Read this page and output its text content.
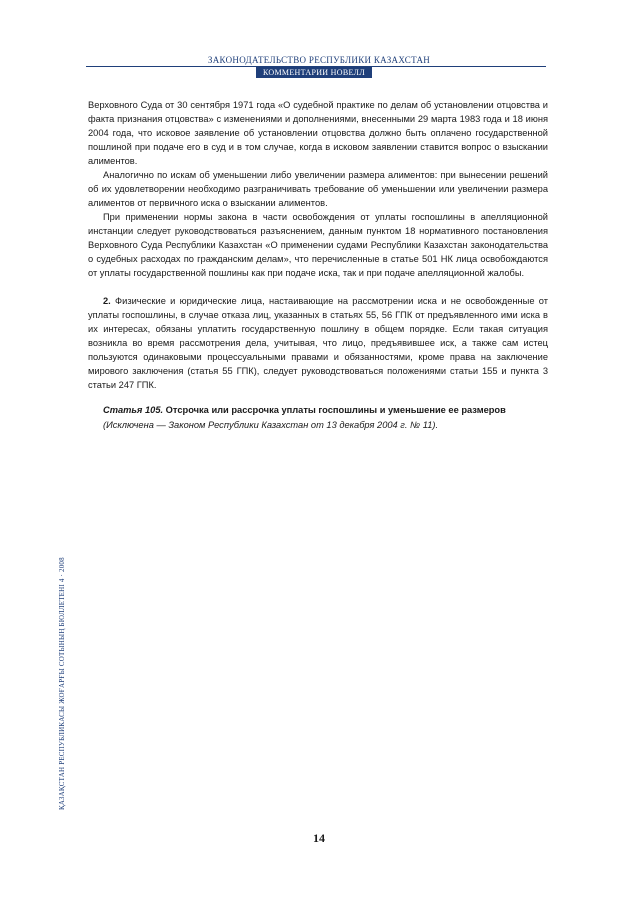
ЗАКОНОДАТЕЛЬСТВО РЕСПУБЛИКИ КАЗАХСТАН
КОММЕНТАРИИ НОВЕЛЛ

Верховного Суда от 30 сентября 1971 года «О судебной практике по делам об установлении отцовства и факта признания отцовства» с изменениями и дополнениями, внесенными 29 марта 1983 года и 18 июня 2004 года, что исковое заявление об установлении отцовства должно быть оплачено государственной пошлиной при подаче его в суд и в том случае, когда в исковом заявлении ставится вопрос о взыскании алиментов.

Аналогично по искам об уменьшении либо увеличении размера алиментов: при вынесении решений об их удовлетворении необходимо разграничивать требование об уменьшении или увеличении размера алиментов от первичного иска о взыскании алиментов.

При применении нормы закона в части освобождения от уплаты госпошлины в апелляционной инстанции следует руководствоваться разъяснением, данным пунктом 18 нормативного постановления Верховного Суда Республики Казахстан «О применении судами Республики Казахстан законодательства о судебных расходах по гражданским делам», что перечисленные в статье 501 НК лица освобождаются от уплаты государственной пошлины как при подаче иска, так и при подаче апелляционной жалобы.

2. Физические и юридические лица, настаивающие на рассмотрении иска и не освобожденные от уплаты госпошлины, в случае отказа лиц, указанных в статьях 55, 56 ГПК от предъявленного ими иска в их интересах, обязаны уплатить государственную пошлину в общем порядке. Если такая ситуация возникла во время рассмотрения дела, учитывая, что лицо, предъявившее иск, а также сам истец пользуются одинаковыми процессуальными правами и обязанностями, кроме права на заключение мирового заключения (статья 55 ГПК), следует руководствоваться положениями статьи 155 и пункта 3 статьи 247 ГПК.

Статья 105. Отсрочка или рассрочка уплаты госпошлины и уменьшение ее размеров
(Исключена — Законом Республики Казахстан от 13 декабря 2004 г. № 11).
ҚАЗАҚСТАН РЕСПУБЛИКАСЫ ЖОҒАРҒЫ СОТЫНЫҢ БЮЛЛЕТЕНІ 4 · 2008
14
